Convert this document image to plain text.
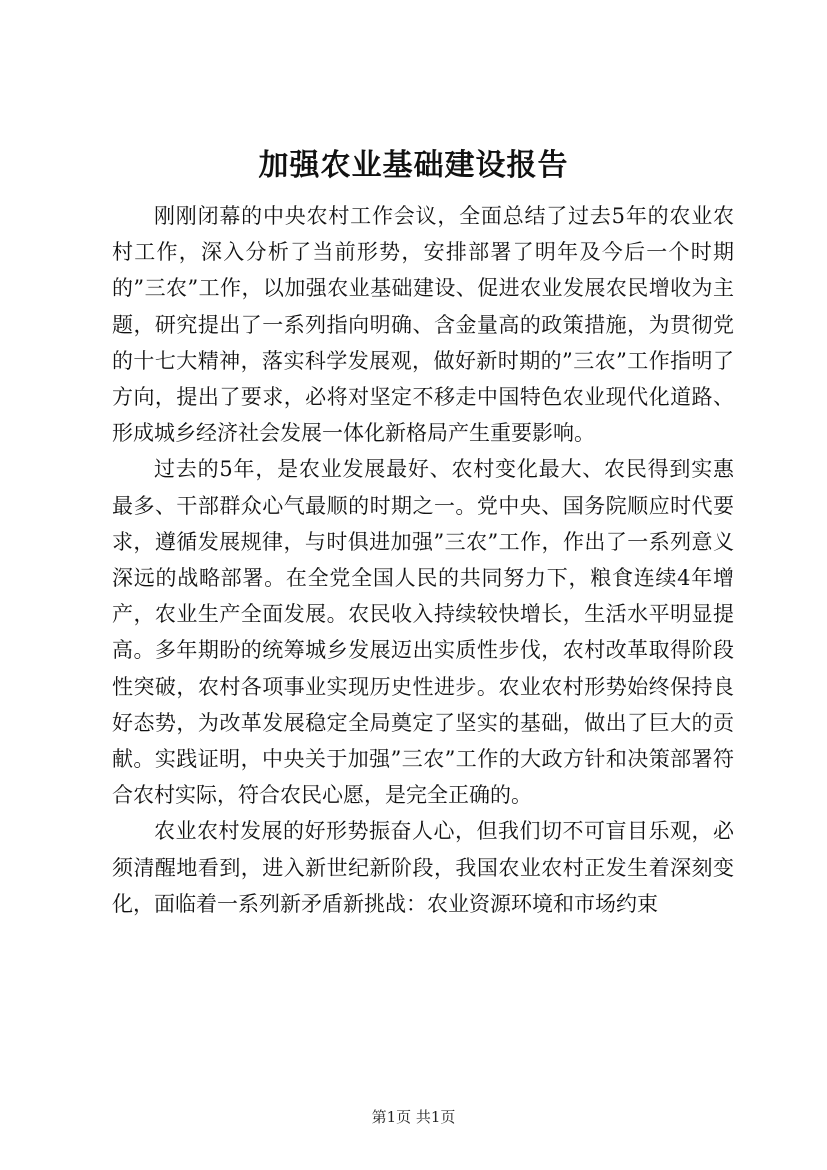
加强农业基础建设报告

刚刚闭幕的中央农村工作会议，全面总结了过去5年的农业农村工作，深入分析了当前形势，安排部署了明年及今后一个时期的”三农”工作，以加强农业基础建设、促进农业发展农民增收为主题，研究提出了一系列指向明确、含金量高的政策措施，为贯彻党的十七大精神，落实科学发展观，做好新时期的”三农”工作指明了方向，提出了要求，必将对坚定不移走中国特色农业现代化道路、形成城乡经济社会发展一体化新格局产生重要影响。

过去的5年，是农业发展最好、农村变化最大、农民得到实惠最多、干部群众心气最顺的时期之一。党中央、国务院顺应时代要求，遵循发展规律，与时俱进加强”三农”工作，作出了一系列意义深远的战略部署。在全党全国人民的共同努力下，粮食连续4年增产，农业生产全面发展。农民收入持续较快增长，生活水平明显提高。多年期盼的统筹城乡发展迈出实质性步伐，农村改革取得阶段性突破，农村各项事业实现历史性进步。农业农村形势始终保持良好态势，为改革发展稳定全局奠定了坚实的基础，做出了巨大的贡献。实践证明，中央关于加强”三农”工作的大政方针和决策部署符合农村实际，符合农民心愿，是完全正确的。

农业农村发展的好形势振奋人心，但我们切不可盲目乐观，必须清醒地看到，进入新世纪新阶段，我国农业农村正发生着深刻变化，面临着一系列新矛盾新挑战：农业资源环境和市场约束

第1页 共1页
